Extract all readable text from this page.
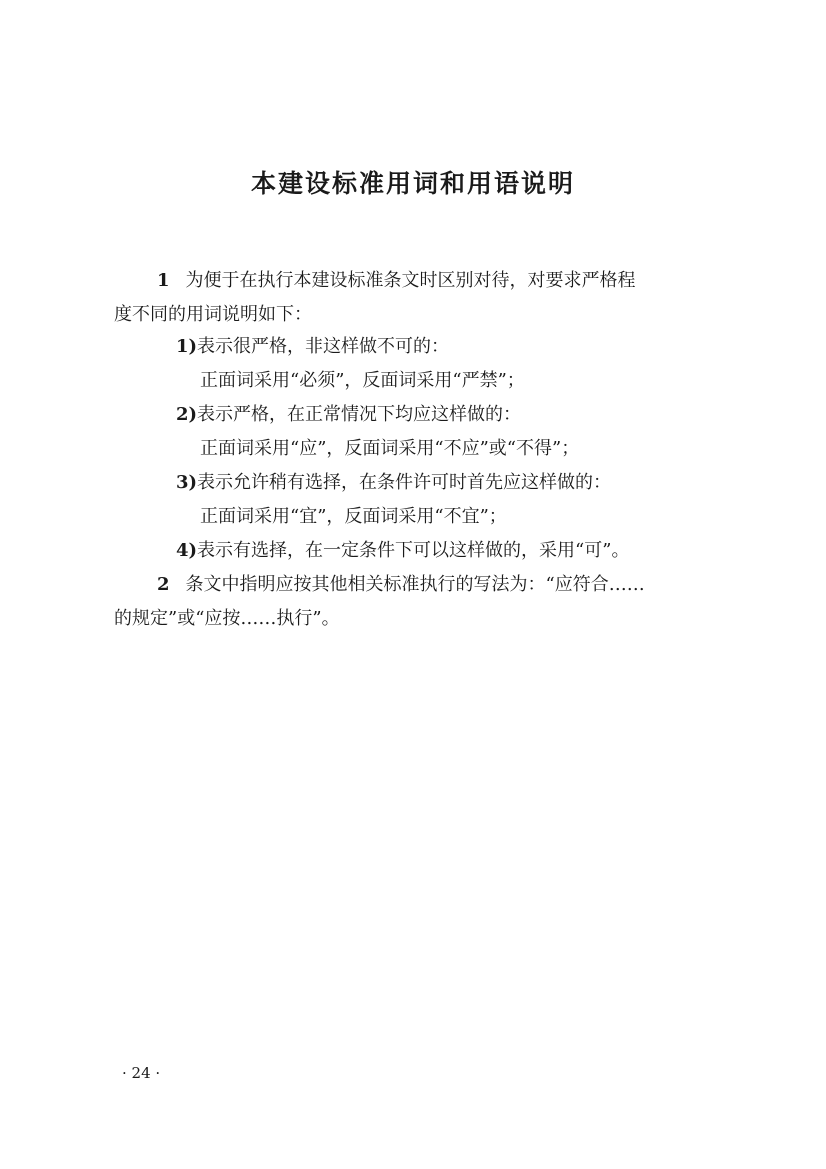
本建设标准用词和用语说明
1 为便于在执行本建设标准条文时区别对待，对要求严格程
度不同的用词说明如下：
1)表示很严格，非这样做不可的：
正面词采用“必须”，反面词采用“严禁”；
2)表示严格，在正常情况下均应这样做的：
正面词采用“应”，反面词采用“不应”或“不得”；
3)表示允许稍有选择，在条件许可时首先应这样做的：
正面词采用“宜”，反面词采用“不宜”；
4)表示有选择，在一定条件下可以这样做的，采用“可”。
2 条文中指明应按其他相关标准执行的写法为：“应符合……
的规定”或“应按……执行”。
· 24 ·
